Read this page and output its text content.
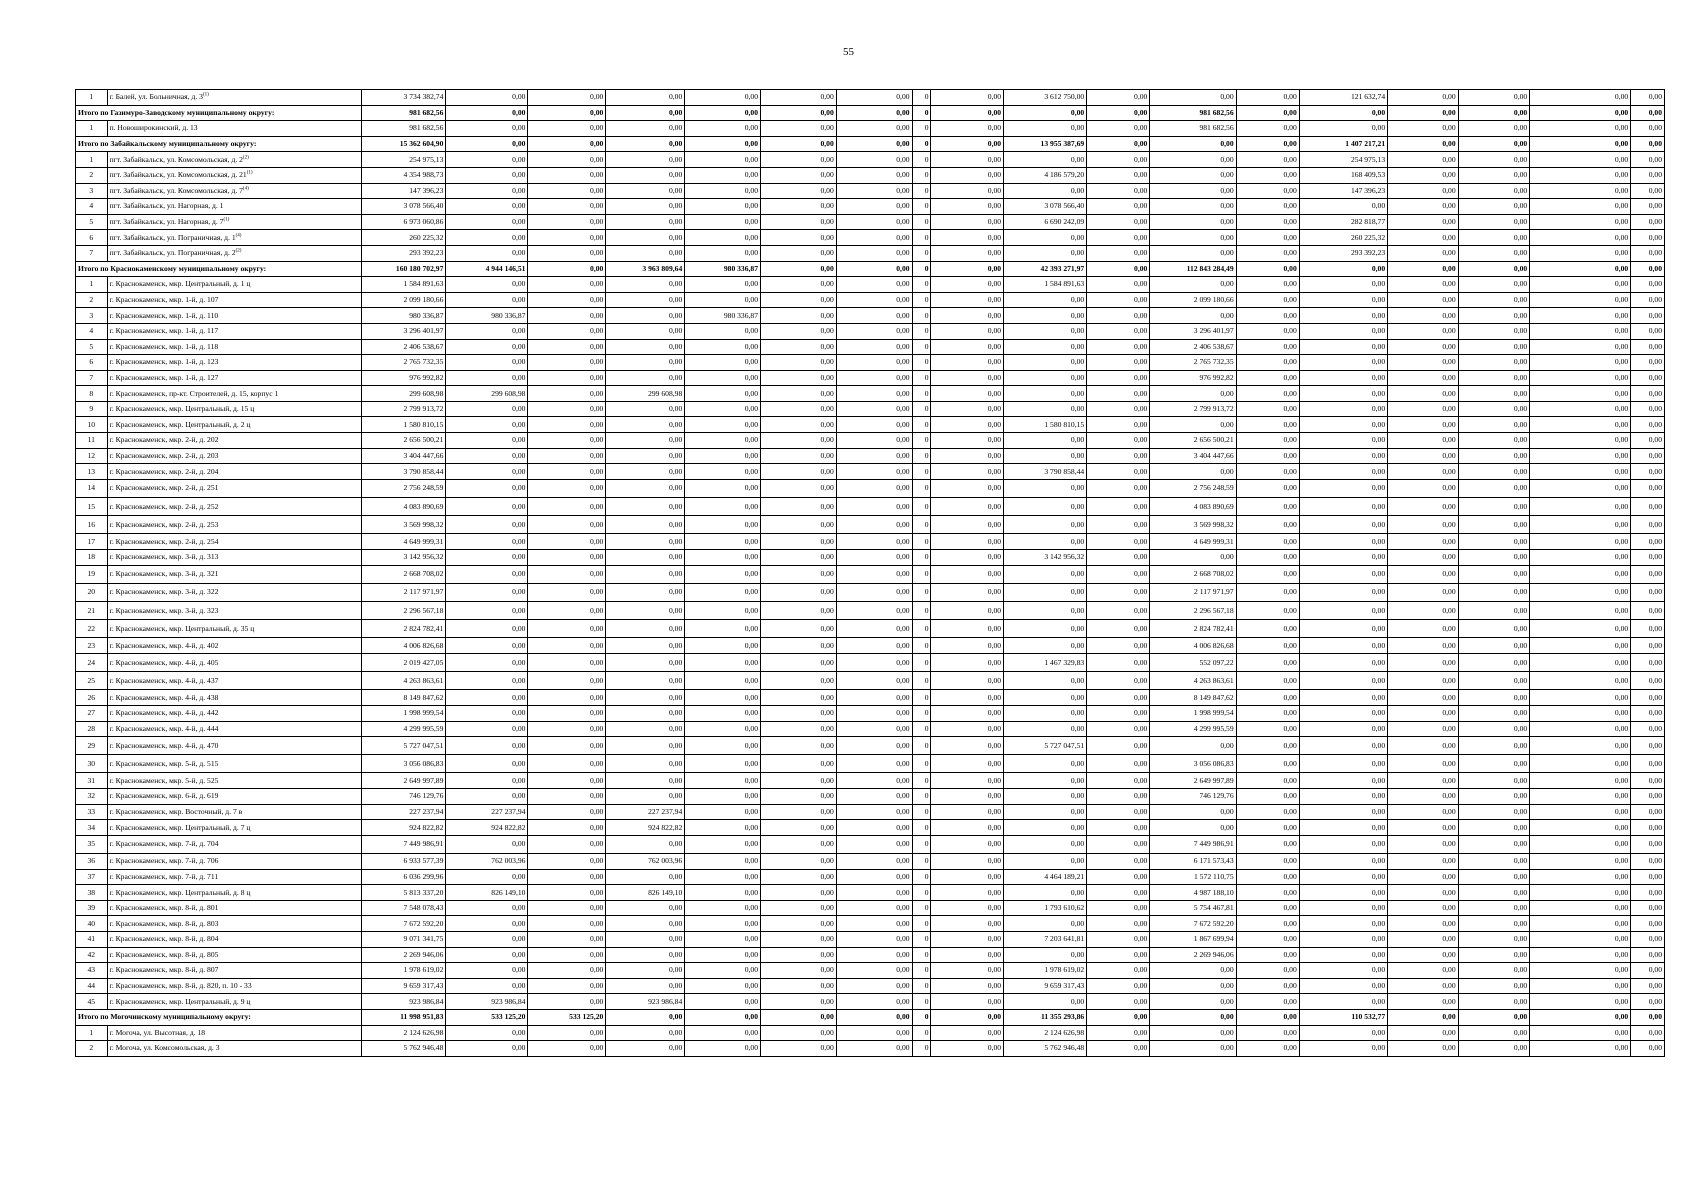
55
1	г. Балей, ул. Больничная, д. 3$^{(1)}$	3 734 382,74	0,00	0,00	0,00	0,00	0,00	0,00	0	0,00	3 612 750,00	0,00	0,00	0,00	121 632,74	0,00	0,00	0,00	0,00
Итого по Газимуро-Заводскому муниципальному округу:		981 682,56	0,00	0,00	0,00	0,00	0,00	0,00	0	0,00	0,00	0,00	981 682,56	0,00	0,00	0,00	0,00	0,00	0,00
1	п. Новоширокинский, д. 13	981 682,56	0,00	0,00	0,00	0,00	0,00	0,00	0	0,00	0,00	0,00	981 682,56	0,00	0,00	0,00	0,00	0,00	0,00
Итого по Забайкальскому муниципальному округу:		15 362 604,90	0,00	0,00	0,00	0,00	0,00	0,00	0	0,00	13 955 387,69	0,00	0,00	0,00	1 407 217,21	0,00	0,00	0,00	0,00
1	пгт. Забайкальск, ул. Комсомольская, д. 2$^{(2)}$	254 975,13	0,00	0,00	0,00	0,00	0,00	0,00	0	0,00	0,00	0,00	0,00	0,00	254 975,13	0,00	0,00	0,00	0,00
2	пгт. Забайкальск, ул. Комсомольская, д. 21$^{(1)}$	4 354 988,73	0,00	0,00	0,00	0,00	0,00	0,00	0	0,00	4 186 579,20	0,00	0,00	0,00	168 409,53	0,00	0,00	0,00	0,00
3	пгт. Забайкальск, ул. Комсомольская, д. 7$^{(4)}$	147 396,23	0,00	0,00	0,00	0,00	0,00	0,00	0	0,00	0,00	0,00	0,00	0,00	147 396,23	0,00	0,00	0,00	0,00
4	пгт. Забайкальск, ул. Нагорная, д. 1	3 078 566,40	0,00	0,00	0,00	0,00	0,00	0,00	0	0,00	3 078 566,40	0,00	0,00	0,00	0,00	0,00	0,00	0,00	0,00
5	пгт. Забайкальск, ул. Нагорная, д. 7$^{(1)}$	6 973 060,86	0,00	0,00	0,00	0,00	0,00	0,00	0	0,00	6 690 242,09	0,00	0,00	0,00	282 818,77	0,00	0,00	0,00	0,00
6	пгт. Забайкальск, ул. Пограничная, д. 1$^{(4)}$	260 225,32	0,00	0,00	0,00	0,00	0,00	0,00	0	0,00	0,00	0,00	0,00	0,00	260 225,32	0,00	0,00	0,00	0,00
7	пгт. Забайкальск, ул. Пограничная, д. 2$^{(2)}$	293 392,23	0,00	0,00	0,00	0,00	0,00	0,00	0	0,00	0,00	0,00	0,00	0,00	293 392,23	0,00	0,00	0,00	0,00
Итого по Краснокаменскому муниципальному округу:		160 180 702,97	4 944 146,51	0,00	3 963 809,64	980 336,87	0,00	0,00	0	0,00	42 393 271,97	0,00	112 843 284,49	0,00	0,00	0,00	0,00	0,00	0,00
1	г. Краснокаменск, мкр. Центральный, д. 1 ц	1 584 891,63	0,00	0,00	0,00	0,00	0,00	0,00	0	0,00	1 584 891,63	0,00	0,00	0,00	0,00	0,00	0,00	0,00	0,00
2	г. Краснокаменск, мкр. 1-й, д. 107	2 099 180,66	0,00	0,00	0,00	0,00	0,00	0,00	0	0,00	0,00	0,00	2 099 180,66	0,00	0,00	0,00	0,00	0,00	0,00
3	г. Краснокаменск, мкр. 1-й, д. 110	980 336,87	980 336,87	0,00	0,00	980 336,87	0,00	0,00	0	0,00	0,00	0,00	0,00	0,00	0,00	0,00	0,00	0,00	0,00
4	г. Краснокаменск, мкр. 1-й, д. 117	3 296 401,97	0,00	0,00	0,00	0,00	0,00	0,00	0	0,00	0,00	0,00	3 296 401,97	0,00	0,00	0,00	0,00	0,00	0,00
5	г. Краснокаменск, мкр. 1-й, д. 118	2 406 538,67	0,00	0,00	0,00	0,00	0,00	0,00	0	0,00	0,00	0,00	2 406 538,67	0,00	0,00	0,00	0,00	0,00	0,00
6	г. Краснокаменск, мкр. 1-й, д. 123	2 765 732,35	0,00	0,00	0,00	0,00	0,00	0,00	0	0,00	0,00	0,00	2 765 732,35	0,00	0,00	0,00	0,00	0,00	0,00
7	г. Краснокаменск, мкр. 1-й, д. 127	976 992,82	0,00	0,00	0,00	0,00	0,00	0,00	0	0,00	0,00	0,00	976 992,82	0,00	0,00	0,00	0,00	0,00	0,00
8	г. Краснокаменск, пр-кт. Строителей, д. 15, корпус 1	299 608,98	299 608,98	0,00	299 608,98	0,00	0,00	0,00	0	0,00	0,00	0,00	0,00	0,00	0,00	0,00	0,00	0,00	0,00
9	г. Краснокаменск, мкр. Центральный, д. 15 ц	2 799 913,72	0,00	0,00	0,00	0,00	0,00	0,00	0	0,00	0,00	0,00	2 799 913,72	0,00	0,00	0,00	0,00	0,00	0,00
10	г. Краснокаменск, мкр. Центральный, д. 2 ц	1 580 810,15	0,00	0,00	0,00	0,00	0,00	0,00	0	0,00	1 580 810,15	0,00	0,00	0,00	0,00	0,00	0,00	0,00	0,00
11	г. Краснокаменск, мкр. 2-й, д. 202	2 656 500,21	0,00	0,00	0,00	0,00	0,00	0,00	0	0,00	0,00	0,00	2 656 500,21	0,00	0,00	0,00	0,00	0,00	0,00
12	г. Краснокаменск, мкр. 2-й, д. 203	3 404 447,66	0,00	0,00	0,00	0,00	0,00	0,00	0	0,00	0,00	0,00	3 404 447,66	0,00	0,00	0,00	0,00	0,00	0,00
13	г. Краснокаменск, мкр. 2-й, д. 204	3 790 858,44	0,00	0,00	0,00	0,00	0,00	0,00	0	0,00	3 790 858,44	0,00	0,00	0,00	0,00	0,00	0,00	0,00	0,00
14	г. Краснокаменск, мкр. 2-й, д. 251	2 756 248,59	0,00	0,00	0,00	0,00	0,00	0,00	0	0,00	0,00	0,00	2 756 248,59	0,00	0,00	0,00	0,00	0,00	0,00
15	г. Краснокаменск, мкр. 2-й, д. 252	4 083 890,69	0,00	0,00	0,00	0,00	0,00	0,00	0	0,00	0,00	0,00	4 083 890,69	0,00	0,00	0,00	0,00	0,00	0,00
16	г. Краснокаменск, мкр. 2-й, д. 253	3 569 998,32	0,00	0,00	0,00	0,00	0,00	0,00	0	0,00	0,00	0,00	3 569 998,32	0,00	0,00	0,00	0,00	0,00	0,00
17	г. Краснокаменск, мкр. 2-й, д. 254	4 649 999,31	0,00	0,00	0,00	0,00	0,00	0,00	0	0,00	0,00	0,00	4 649 999,31	0,00	0,00	0,00	0,00	0,00	0,00
18	г. Краснокаменск, мкр. 3-й, д. 313	3 142 956,32	0,00	0,00	0,00	0,00	0,00	0,00	0	0,00	3 142 956,32	0,00	0,00	0,00	0,00	0,00	0,00	0,00	0,00
19	г. Краснокаменск, мкр. 3-й, д. 321	2 668 708,02	0,00	0,00	0,00	0,00	0,00	0,00	0	0,00	0,00	0,00	2 668 708,02	0,00	0,00	0,00	0,00	0,00	0,00
20	г. Краснокаменск, мкр. 3-й, д. 322	2 117 971,97	0,00	0,00	0,00	0,00	0,00	0,00	0	0,00	0,00	0,00	2 117 971,97	0,00	0,00	0,00	0,00	0,00	0,00
21	г. Краснокаменск, мкр. 3-й, д. 323	2 296 567,18	0,00	0,00	0,00	0,00	0,00	0,00	0	0,00	0,00	0,00	2 296 567,18	0,00	0,00	0,00	0,00	0,00	0,00
22	г. Краснокаменск, мкр. Центральный, д. 35 ц	2 824 782,41	0,00	0,00	0,00	0,00	0,00	0,00	0	0,00	0,00	0,00	2 824 782,41	0,00	0,00	0,00	0,00	0,00	0,00
23	г. Краснокаменск, мкр. 4-й, д. 402	4 006 826,68	0,00	0,00	0,00	0,00	0,00	0,00	0	0,00	0,00	0,00	4 006 826,68	0,00	0,00	0,00	0,00	0,00	0,00
24	г. Краснокаменск, мкр. 4-й, д. 405	2 019 427,05	0,00	0,00	0,00	0,00	0,00	0,00	0	0,00	1 467 329,83	0,00	552 097,22	0,00	0,00	0,00	0,00	0,00	0,00
25	г. Краснокаменск, мкр. 4-й, д. 437	4 263 863,61	0,00	0,00	0,00	0,00	0,00	0,00	0	0,00	0,00	0,00	4 263 863,61	0,00	0,00	0,00	0,00	0,00	0,00
26	г. Краснокаменск, мкр. 4-й, д. 438	8 149 847,62	0,00	0,00	0,00	0,00	0,00	0,00	0	0,00	0,00	0,00	8 149 847,62	0,00	0,00	0,00	0,00	0,00	0,00
27	г. Краснокаменск, мкр. 4-й, д. 442	1 998 999,54	0,00	0,00	0,00	0,00	0,00	0,00	0	0,00	0,00	0,00	1 998 999,54	0,00	0,00	0,00	0,00	0,00	0,00
28	г. Краснокаменск, мкр. 4-й, д. 444	4 299 995,59	0,00	0,00	0,00	0,00	0,00	0,00	0	0,00	0,00	0,00	4 299 995,59	0,00	0,00	0,00	0,00	0,00	0,00
29	г. Краснокаменск, мкр. 4-й, д. 470	5 727 047,51	0,00	0,00	0,00	0,00	0,00	0,00	0	0,00	5 727 047,51	0,00	0,00	0,00	0,00	0,00	0,00	0,00	0,00
30	г. Краснокаменск, мкр. 5-й, д. 515	3 056 086,83	0,00	0,00	0,00	0,00	0,00	0,00	0	0,00	0,00	0,00	3 056 086,83	0,00	0,00	0,00	0,00	0,00	0,00
31	г. Краснокаменск, мкр. 5-й, д. 525	2 649 997,89	0,00	0,00	0,00	0,00	0,00	0,00	0	0,00	0,00	0,00	2 649 997,89	0,00	0,00	0,00	0,00	0,00	0,00
32	г. Краснокаменск, мкр. 6-й, д. 619	746 129,76	0,00	0,00	0,00	0,00	0,00	0,00	0	0,00	0,00	0,00	746 129,76	0,00	0,00	0,00	0,00	0,00	0,00
33	г. Краснокаменск, мкр. Восточный, д. 7 в	227 237,94	227 237,94	0,00	227 237,94	0,00	0,00	0,00	0	0,00	0,00	0,00	0,00	0,00	0,00	0,00	0,00	0,00	0,00
34	г. Краснокаменск, мкр. Центральный, д. 7 ц	924 822,82	924 822,82	0,00	924 822,82	0,00	0,00	0,00	0	0,00	0,00	0,00	0,00	0,00	0,00	0,00	0,00	0,00	0,00
35	г. Краснокаменск, мкр. 7-й, д. 704	7 449 986,91	0,00	0,00	0,00	0,00	0,00	0,00	0	0,00	0,00	0,00	7 449 986,91	0,00	0,00	0,00	0,00	0,00	0,00
36	г. Краснокаменск, мкр. 7-й, д. 706	6 933 577,39	762 003,96	0,00	762 003,96	0,00	0,00	0,00	0	0,00	0,00	0,00	6 171 573,43	0,00	0,00	0,00	0,00	0,00	0,00
37	г. Краснокаменск, мкр. 7-й, д. 711	6 036 299,96	0,00	0,00	0,00	0,00	0,00	0,00	0	0,00	4 464 189,21	0,00	1 572 110,75	0,00	0,00	0,00	0,00	0,00	0,00
38	г. Краснокаменск, мкр. Центральный, д. 8 ц	5 813 337,20	826 149,10	0,00	826 149,10	0,00	0,00	0,00	0	0,00	0,00	0,00	4 987 188,10	0,00	0,00	0,00	0,00	0,00	0,00
39	г. Краснокаменск, мкр. 8-й, д. 801	7 548 078,43	0,00	0,00	0,00	0,00	0,00	0,00	0	0,00	1 793 610,62	0,00	5 754 467,81	0,00	0,00	0,00	0,00	0,00	0,00
40	г. Краснокаменск, мкр. 8-й, д. 803	7 672 592,20	0,00	0,00	0,00	0,00	0,00	0,00	0	0,00	0,00	0,00	7 672 592,20	0,00	0,00	0,00	0,00	0,00	0,00
41	г. Краснокаменск, мкр. 8-й, д. 804	9 071 341,75	0,00	0,00	0,00	0,00	0,00	0,00	0	0,00	7 203 641,81	0,00	1 867 699,94	0,00	0,00	0,00	0,00	0,00	0,00
42	г. Краснокаменск, мкр. 8-й, д. 805	2 269 946,06	0,00	0,00	0,00	0,00	0,00	0,00	0	0,00	0,00	0,00	2 269 946,06	0,00	0,00	0,00	0,00	0,00	0,00
43	г. Краснокаменск, мкр. 8-й, д. 807	1 978 619,02	0,00	0,00	0,00	0,00	0,00	0,00	0	0,00	1 978 619,02	0,00	0,00	0,00	0,00	0,00	0,00	0,00	0,00
44	г. Краснокаменск, мкр. 8-й, д. 820, п. 10 - 33	9 659 317,43	0,00	0,00	0,00	0,00	0,00	0,00	0	0,00	9 659 317,43	0,00	0,00	0,00	0,00	0,00	0,00	0,00	0,00
45	г. Краснокаменск, мкр. Центральный, д. 9 ц	923 986,84	923 986,84	0,00	923 986,84	0,00	0,00	0,00	0	0,00	0,00	0,00	0,00	0,00	0,00	0,00	0,00	0,00	0,00
Итого по Могочинскому муниципальному округу:		11 998 951,83	533 125,20	533 125,20	0,00	0,00	0,00	0,00	0	0,00	11 355 293,86	0,00	0,00	0,00	110 532,77	0,00	0,00	0,00	0,00
1	г. Могоча, ул. Высотная, д. 18	2 124 626,98	0,00	0,00	0,00	0,00	0,00	0,00	0	0,00	2 124 626,98	0,00	0,00	0,00	0,00	0,00	0,00	0,00	0,00
2	г. Могоча, ул. Комсомольская, д. 3	5 762 946,48	0,00	0,00	0,00	0,00	0,00	0,00	0	0,00	5 762 946,48	0,00	0,00	0,00	0,00	0,00	0,00	0,00	0,00
